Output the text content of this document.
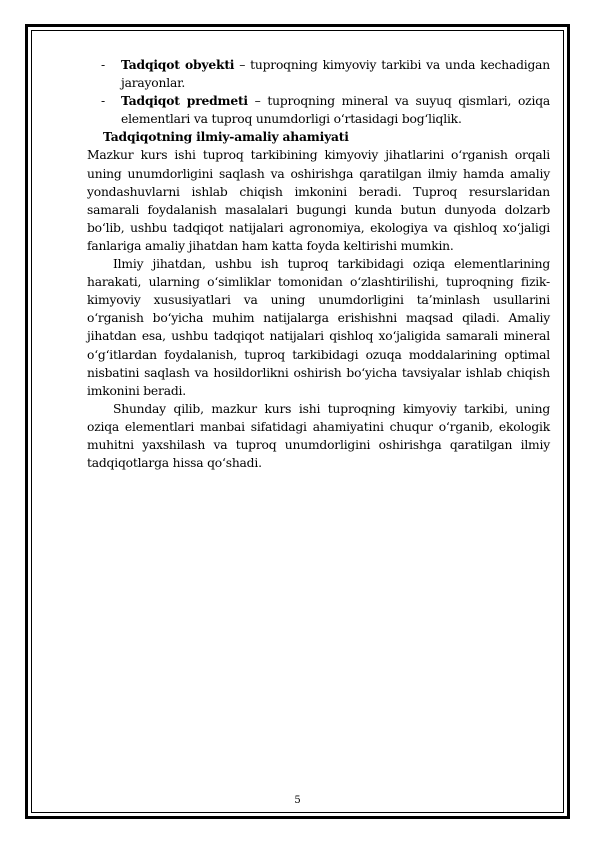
- Tadqiqot obyekti – tuproqning kimyoviy tarkibi va unda kechadigan jarayonlar.
- Tadqiqot predmeti – tuproqning mineral va suyuq qismlari, oziqa elementlari va tuproq unumdorligi o‘rtasidagi bog‘liqlik.

Tadqiqotning ilmiy-amaliy ahamiyati

Mazkur kurs ishi tuproq tarkibining kimyoviy jihatlarini o‘rganish orqali uning unumdorligini saqlash va oshirishga qaratilgan ilmiy hamda amaliy yondashuvlarni ishlab chiqish imkonini beradi. Tuproq resurslaridan samarali foydalanish masalalari bugungi kunda butun dunyoda dolzarb bo‘lib, ushbu tadqiqot natijalari agronomiya, ekologiya va qishloq xo‘jaligi fanlariga amaliy jihatdan ham katta foyda keltirishi mumkin.

Ilmiy jihatdan, ushbu ish tuproq tarkibidagi oziqa elementlarining harakati, ularning o‘simliklar tomonidan o‘zlashtirilishi, tuproqning fizik-kimyoviy xususiyatlari va uning unumdorligini ta’minlash usullarini o‘rganish bo‘yicha muhim natijalarga erishishni maqsad qiladi. Amaliy jihatdan esa, ushbu tadqiqot natijalari qishloq xo‘jaligida samarali mineral o‘g‘itlardan foydalanish, tuproq tarkibidagi ozuqa moddalarining optimal nisbatini saqlash va hosildorlikni oshirish bo‘yicha tavsiyalar ishlab chiqish imkonini beradi.

Shunday qilib, mazkur kurs ishi tuproqning kimyoviy tarkibi, uning oziqa elementlari manbai sifatidagi ahamiyatini chuqur o‘rganib, ekologik muhitni yaxshilash va tuproq unumdorligini oshirishga qaratilgan ilmiy tadqiqotlarga hissa qo‘shadi.

5
